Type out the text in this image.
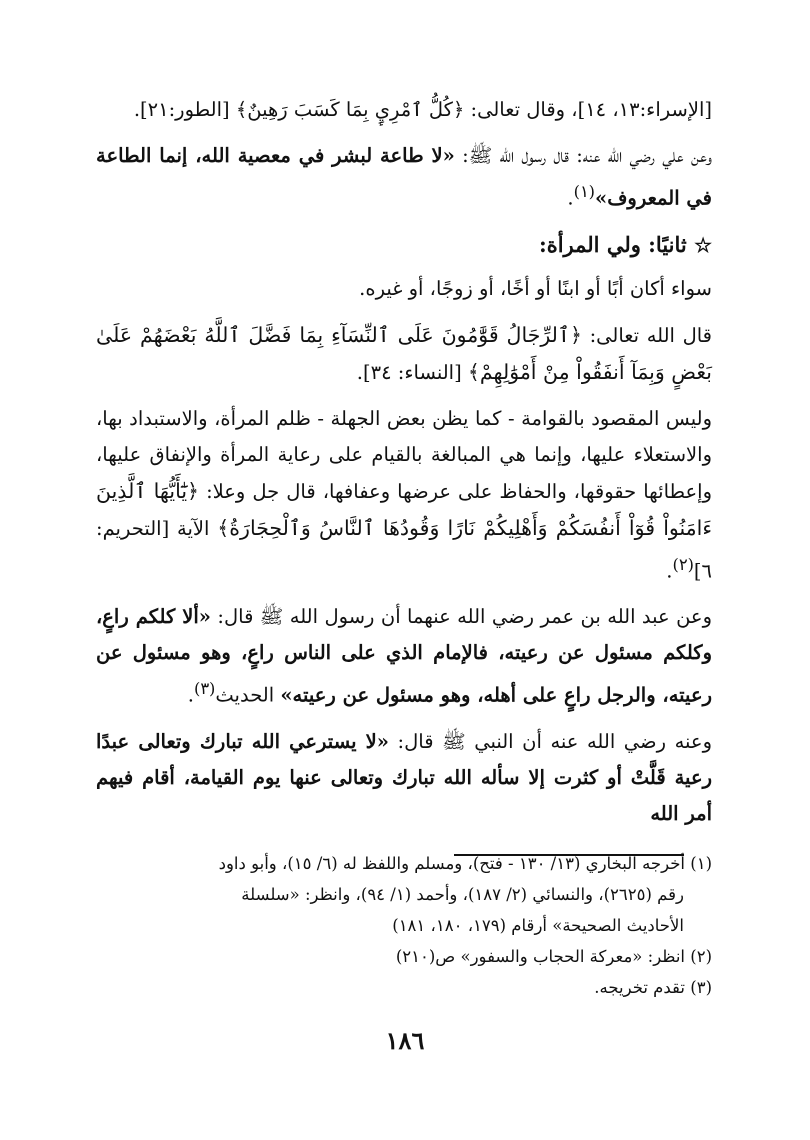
[الإسراء:١٣، ١٤]، وقال تعالى: ﴿كُلُّ ٱمْرِيِٕ بِمَا كَسَبَ رَهِينٌ﴾ [الطور:٢١].

وعن علي رضي الله عنه: قال رسول الله ﷺ: «لا طاعة لبشر في معصية الله، إنما الطاعة في المعروف»$^{(١)}$.

☆ ثانيًا: ولي المرأة:

سواء أكان أبًا أو ابنًا أو أخًا، أو زوجًا، أو غيره.

قال الله تعالى: ﴿ٱلرِّجَالُ قَوَّٰمُونَ عَلَى ٱلنِّسَآءِ بِمَا فَضَّلَ ٱللَّهُ بَعْضَهُمْ عَلَىٰ بَعْضٍ وَبِمَآ أَنفَقُواْ مِنْ أَمْوَٰلِهِمْ﴾ [النساء: ٣٤].

وليس المقصود بالقوامة - كما يظن بعض الجهلة - ظلم المرأة، والاستبداد بها، والاستعلاء عليها، وإنما هي المبالغة بالقيام على رعاية المرأة والإنفاق عليها، وإعطائها حقوقها، والحفاظ على عرضها وعفافها، قال جل وعلا: ﴿يَٰٓأَيُّهَا ٱلَّذِينَ ءَامَنُواْ قُوٓاْ أَنفُسَكُمْ وَأَهْلِيكُمْ نَارًا وَقُودُهَا ٱلنَّاسُ وَٱلْحِجَارَةُ﴾ الآية [التحريم: ٦]$^{(٢)}$.

وعن عبد الله بن عمر رضي الله عنهما أن رسول الله ﷺ قال: «ألا كلكم راعٍ، وكلكم مسئول عن رعيته، فالإمام الذي على الناس راعٍ، وهو مسئول عن رعيته، والرجل راعٍ على أهله، وهو مسئول عن رعيته» الحديث$^{(٣)}$.

وعنه رضي الله عنه أن النبي ﷺ قال: «لا يسترعي الله تبارك وتعالى عبدًا رعية قَلَّتْ أو كثرت إلا سأله الله تبارك وتعالى عنها يوم القيامة، أقام فيهم أمر الله

(١) أخرجه البخاري (١٣/ ١٣٠ - فتح)، ومسلم واللفظ له (٦/ ١٥)، وأبو داود

رقم (٢٦٢٥)، والنسائي (٢/ ١٨٧)، وأحمد (١/ ٩٤)، وانظر: «سلسلة

الأحاديث الصحيحة» أرقام (١٧٩، ١٨٠، ١٨١)

(٢) انظر: «معركة الحجاب والسفور» ص(٢١٠)

(٣) تقدم تخريجه.

١٨٦
